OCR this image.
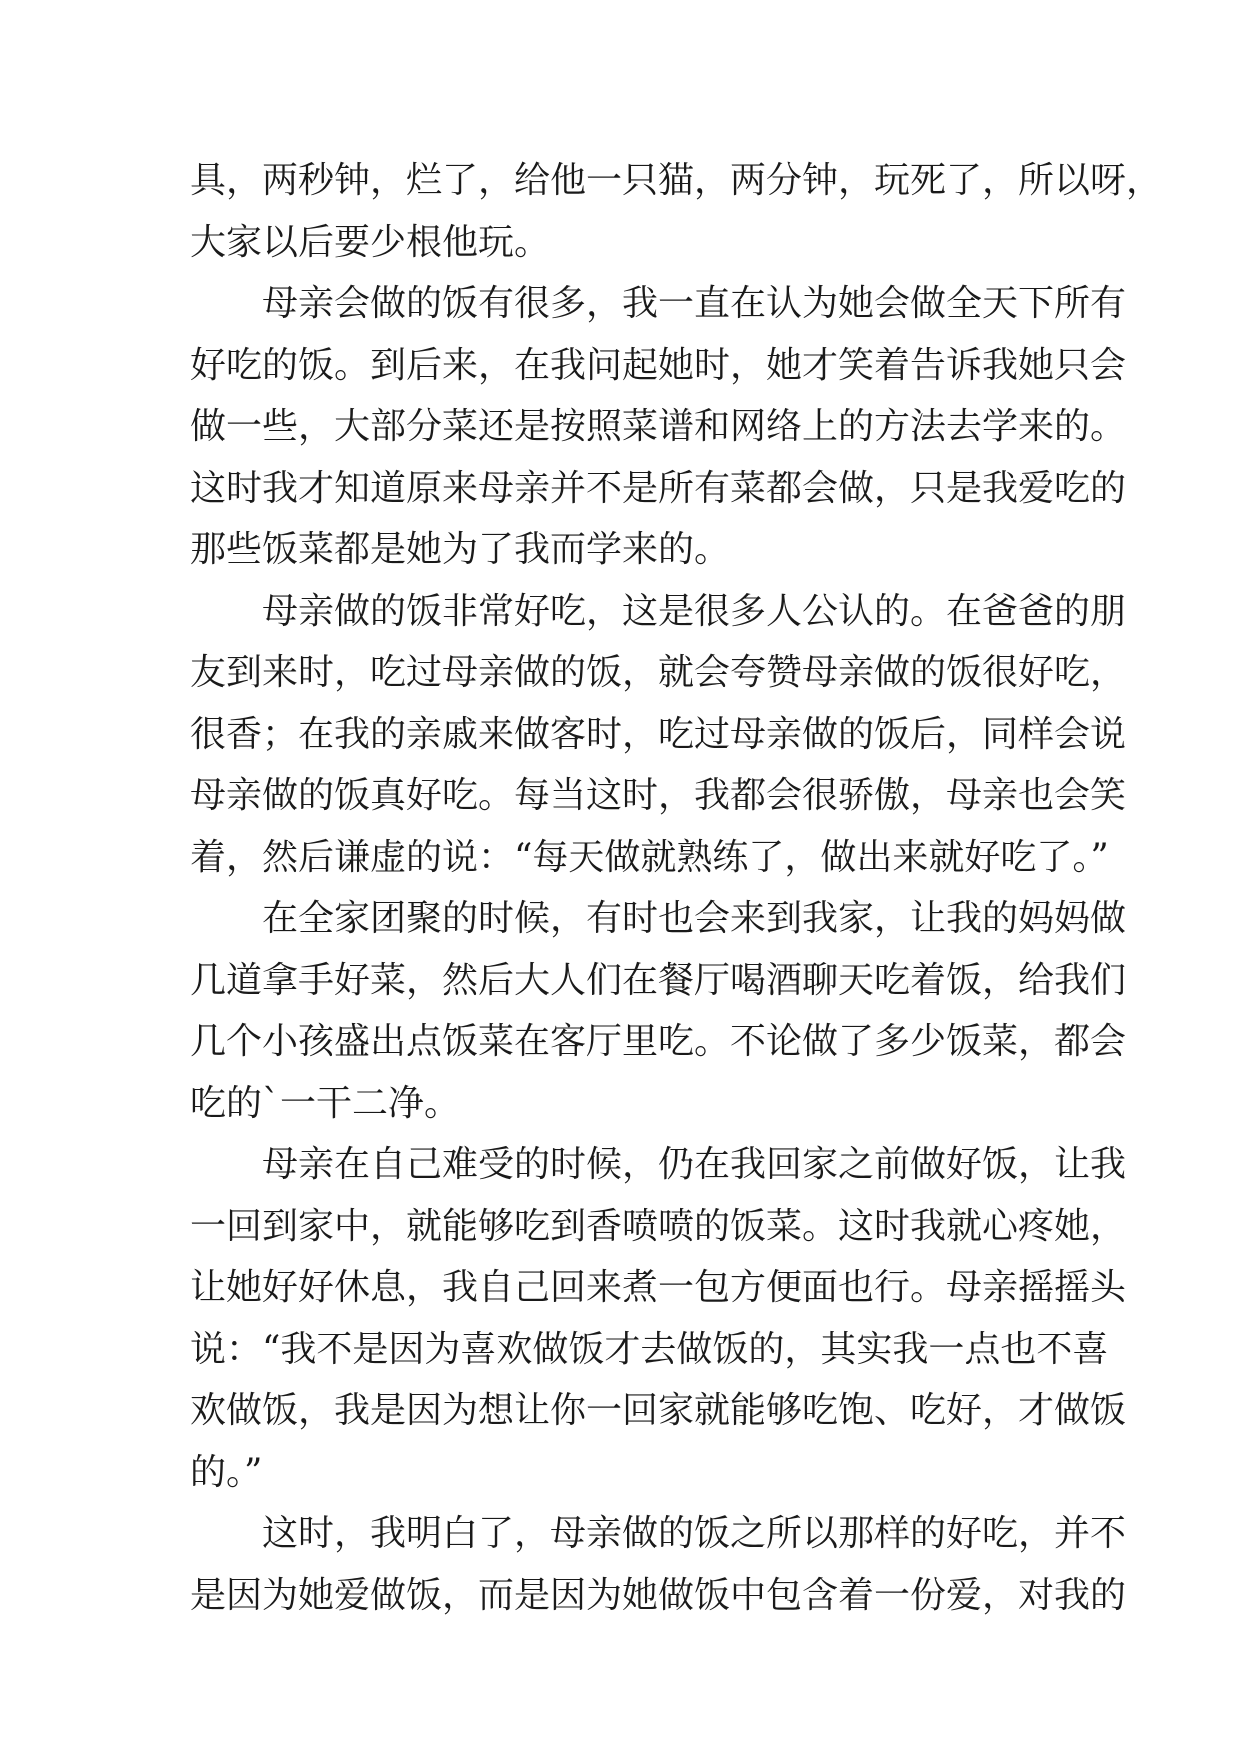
具，两秒钟，烂了，给他一只猫，两分钟，玩死了，所以呀，
大家以后要少根他玩。
　　母亲会做的饭有很多，我一直在认为她会做全天下所有
好吃的饭。到后来，在我问起她时，她才笑着告诉我她只会
做一些，大部分菜还是按照菜谱和网络上的方法去学来的。
这时我才知道原来母亲并不是所有菜都会做，只是我爱吃的
那些饭菜都是她为了我而学来的。
　　母亲做的饭非常好吃，这是很多人公认的。在爸爸的朋
友到来时，吃过母亲做的饭，就会夸赞母亲做的饭很好吃，
很香；在我的亲戚来做客时，吃过母亲做的饭后，同样会说
母亲做的饭真好吃。每当这时，我都会很骄傲，母亲也会笑
着，然后谦虚的说：“每天做就熟练了，做出来就好吃了。”
　　在全家团聚的时候，有时也会来到我家，让我的妈妈做
几道拿手好菜，然后大人们在餐厅喝酒聊天吃着饭，给我们
几个小孩盛出点饭菜在客厅里吃。不论做了多少饭菜，都会
吃的`一干二净。
　　母亲在自己难受的时候，仍在我回家之前做好饭，让我
一回到家中，就能够吃到香喷喷的饭菜。这时我就心疼她，
让她好好休息，我自己回来煮一包方便面也行。母亲摇摇头
说：“我不是因为喜欢做饭才去做饭的，其实我一点也不喜
欢做饭，我是因为想让你一回家就能够吃饱、吃好，才做饭
的。”
　　这时，我明白了，母亲做的饭之所以那样的好吃，并不
是因为她爱做饭，而是因为她做饭中包含着一份爱，对我的
